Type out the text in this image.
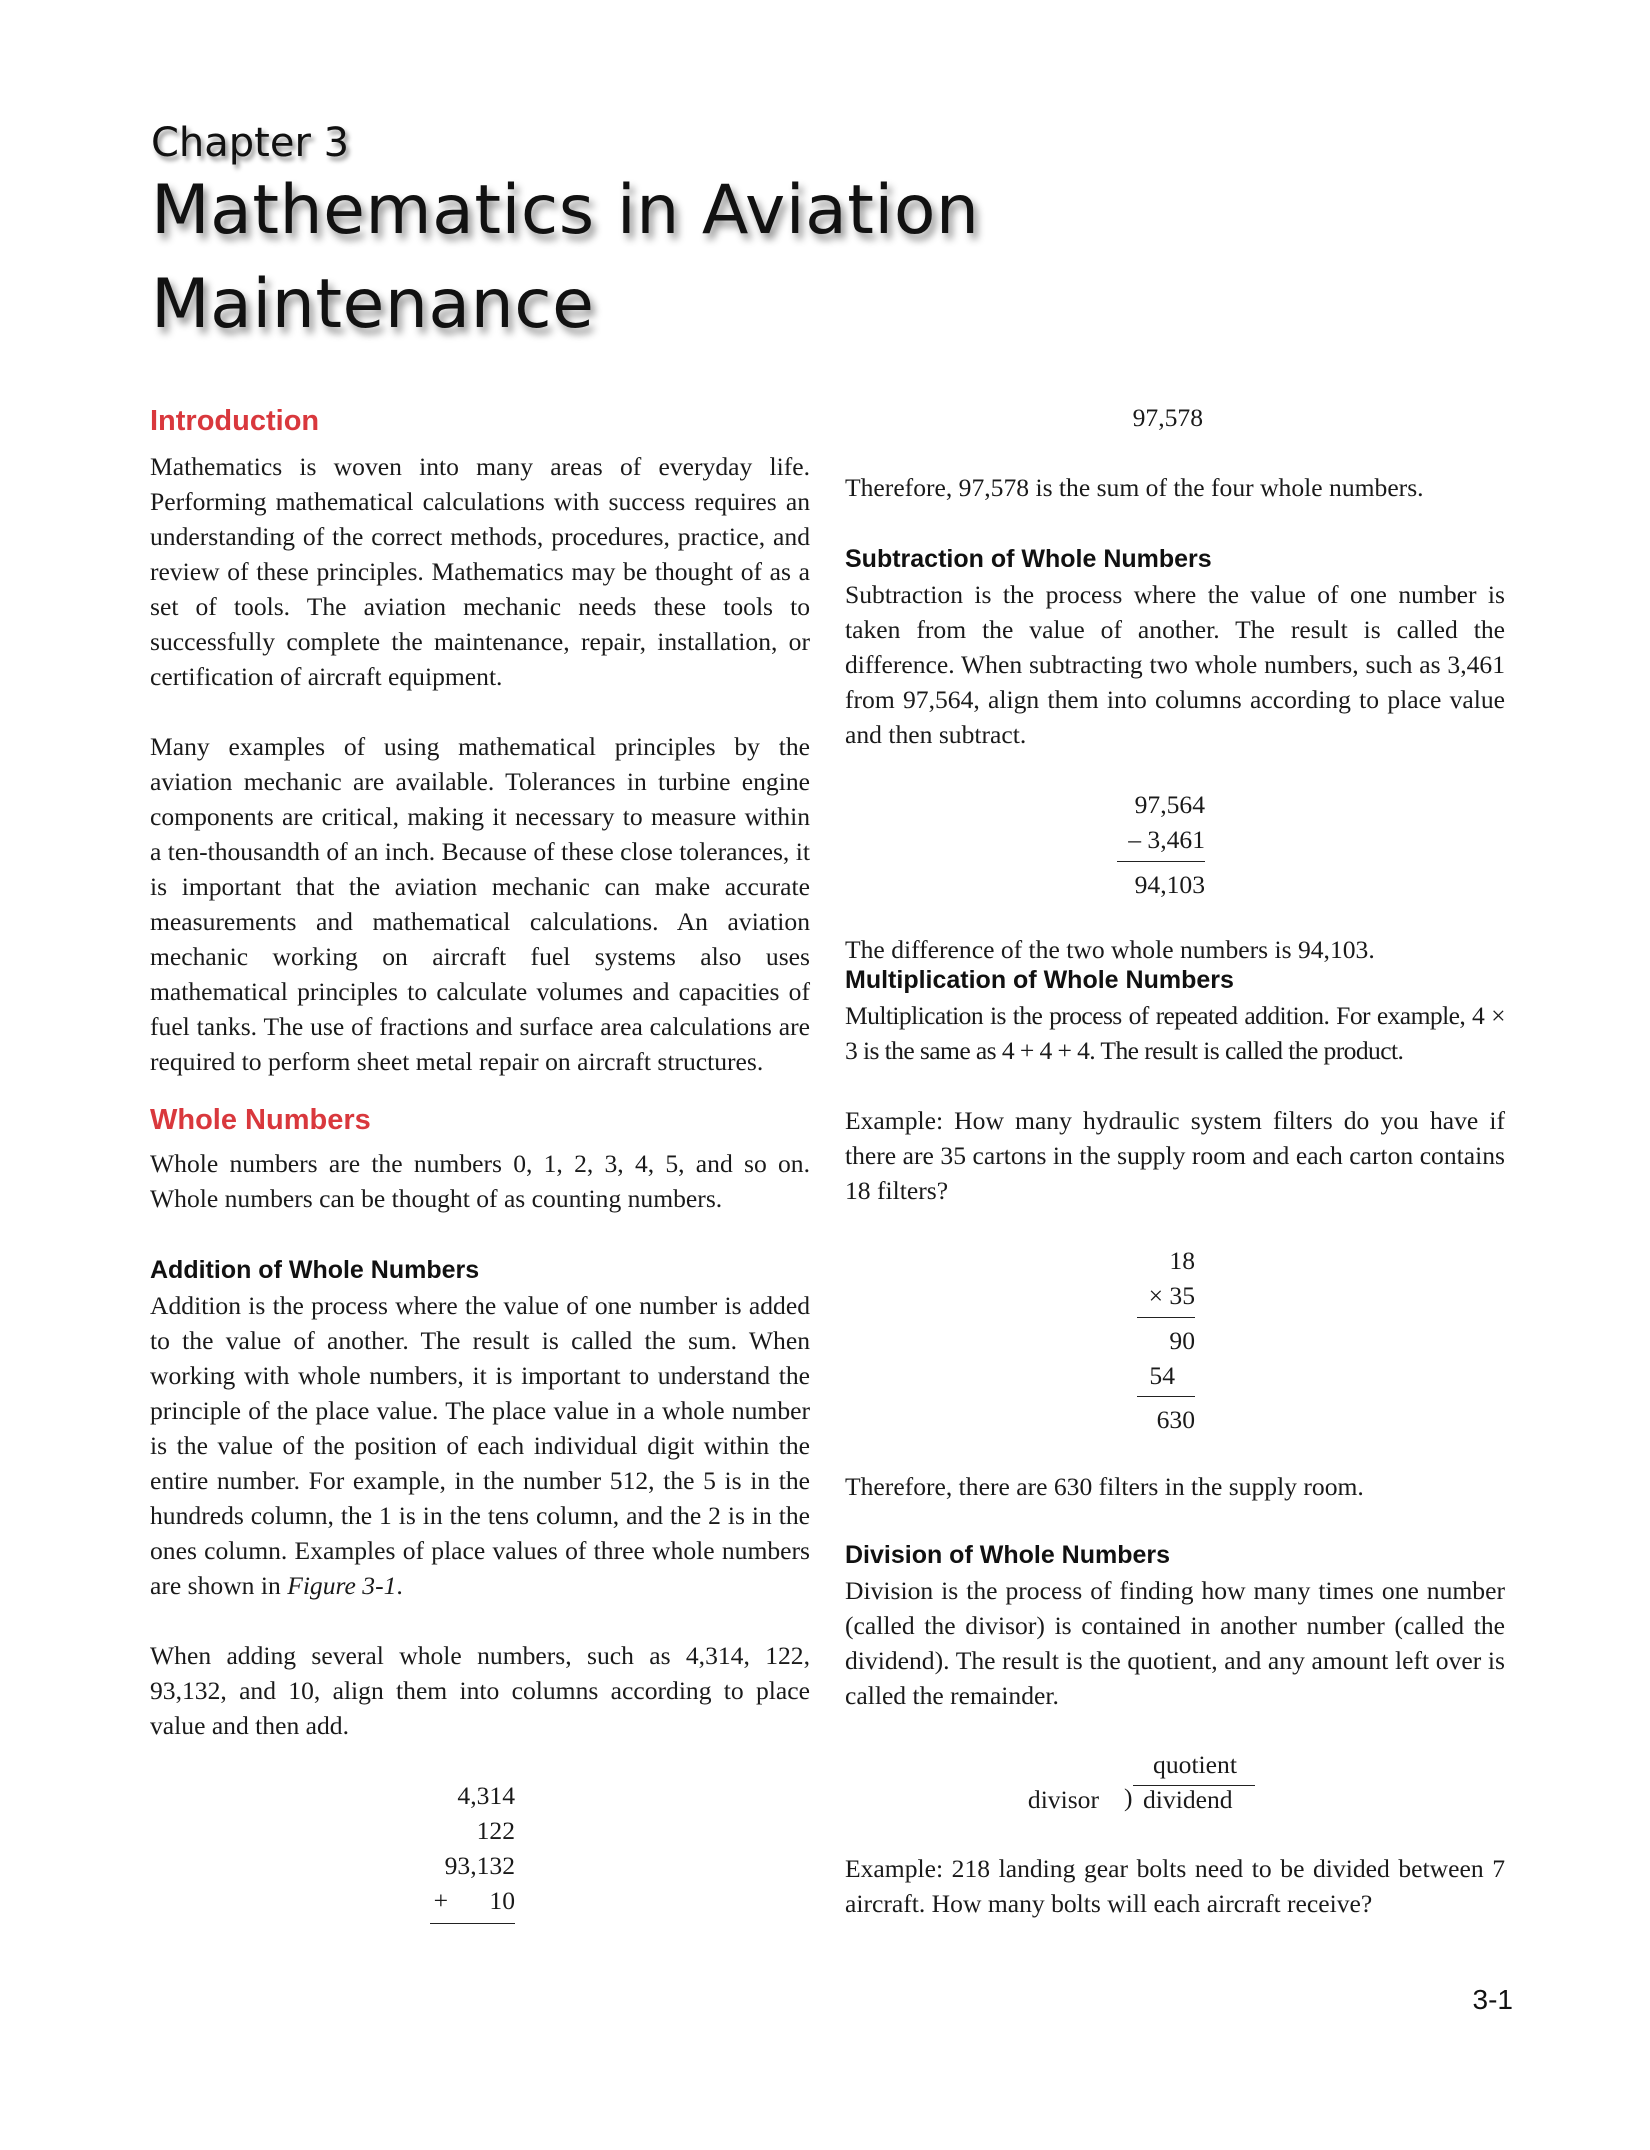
Chapter 3
Mathematics in Aviation
Maintenance
Introduction

Mathematics is woven into many areas of everyday life. Performing mathematical calculations with success requires an understanding of the correct methods, procedures, practice, and review of these principles. Mathematics may be thought of as a set of tools. The aviation mechanic needs these tools to successfully complete the maintenance, repair, installation, or certification of aircraft equipment.

Many examples of using mathematical principles by the aviation mechanic are available. Tolerances in turbine engine components are critical, making it necessary to measure within a ten-thousandth of an inch. Because of these close tolerances, it is important that the aviation mechanic can make accurate measurements and mathematical calculations. An aviation mechanic working on aircraft fuel systems also uses mathematical principles to calculate volumes and capacities of fuel tanks. The use of fractions and surface area calculations are required to perform sheet metal repair on aircraft structures.

Whole Numbers

Whole numbers are the numbers 0, 1, 2, 3, 4, 5, and so on. Whole numbers can be thought of as counting numbers.

Addition of Whole Numbers

Addition is the process where the value of one number is added to the value of another. The result is called the sum. When working with whole numbers, it is important to understand the principle of the place value. The place value in a whole number is the value of the position of each individual digit within the entire number. For example, in the number 512, the 5 is in the hundreds column, the 1 is in the tens column, and the 2 is in the ones column. Examples of place values of three whole numbers are shown in Figure 3-1.

When adding several whole numbers, such as 4,314, 122, 93,132, and 10, align them into columns according to place value and then add.

4,314
122
93,132
+ 10
97,578

Therefore, 97,578 is the sum of the four whole numbers.

Subtraction of Whole Numbers

Subtraction is the process where the value of one number is taken from the value of another. The result is called the difference. When subtracting two whole numbers, such as 3,461 from 97,564, align them into columns according to place value and then subtract.

97,564
– 3,461
94,103

The difference of the two whole numbers is 94,103.

Multiplication of Whole Numbers

Multiplication is the process of repeated addition. For example, 4 × 3 is the same as 4 + 4 + 4. The result is called the product.

Example: How many hydraulic system filters do you have if there are 35 cartons in the supply room and each carton contains 18 filters?

18
× 35
90
54
630

Therefore, there are 630 filters in the supply room.

Division of Whole Numbers

Division is the process of finding how many times one number (called the divisor) is contained in another number (called the dividend). The result is the quotient, and any amount left over is called the remainder.

quotient
divisor ) dividend

Example: 218 landing gear bolts need to be divided between 7 aircraft. How many bolts will each aircraft receive?

3-1
